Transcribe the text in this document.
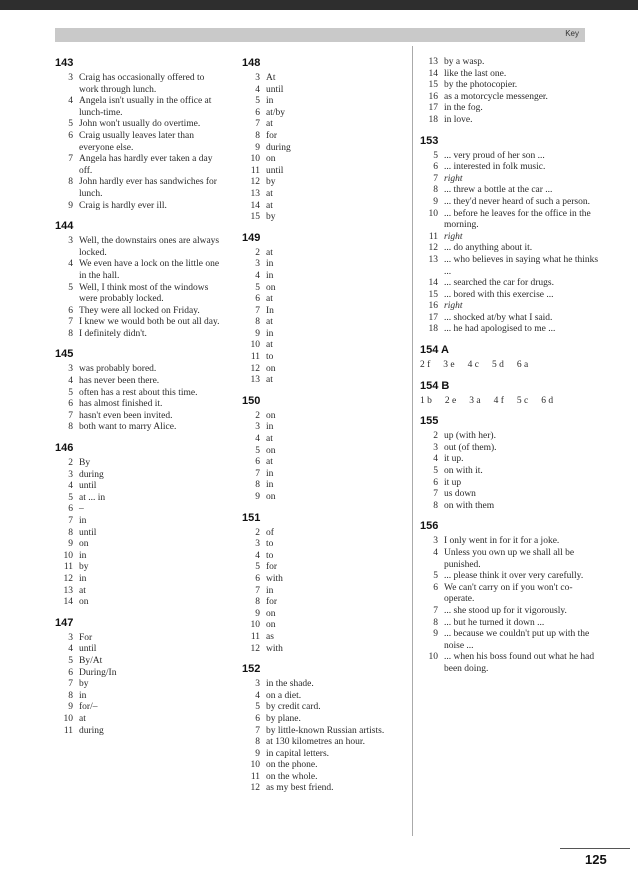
Key
143
3 Craig has occasionally offered to work through lunch.
4 Angela isn't usually in the office at lunch-time.
5 John won't usually do overtime.
6 Craig usually leaves later than everyone else.
7 Angela has hardly ever taken a day off.
8 John hardly ever has sandwiches for lunch.
9 Craig is hardly ever ill.
144
3 Well, the downstairs ones are always locked.
4 We even have a lock on the little one in the hall.
5 Well, I think most of the windows were probably locked.
6 They were all locked on Friday.
7 I knew we would both be out all day.
8 I definitely didn't.
145
3 was probably bored.
4 has never been there.
5 often has a rest about this time.
6 has almost finished it.
7 hasn't even been invited.
8 both want to marry Alice.
146
2 By
3 during
4 until
5 at ... in
6 –
7 in
8 until
9 on
10 in
11 by
12 in
13 at
14 on
147
3 For
4 until
5 By/At
6 During/In
7 by
8 in
9 for/–
10 at
11 during
148
3 At
4 until
5 in
6 at/by
7 at
8 for
9 during
10 on
11 until
12 by
13 at
14 at
15 by
149
2 at
3 in
4 in
5 on
6 at
7 In
8 at
9 in
10 at
11 to
12 on
13 at
150
2 on
3 in
4 at
5 on
6 at
7 in
8 in
9 on
151
2 of
3 to
4 to
5 for
6 with
7 in
8 for
9 on
10 on
11 as
12 with
152
3 in the shade.
4 on a diet.
5 by credit card.
6 by plane.
7 by little-known Russian artists.
8 at 130 kilometres an hour.
9 in capital letters.
10 on the phone.
11 on the whole.
12 as my best friend.
13 by a wasp.
14 like the last one.
15 by the photocopier.
16 as a motorcycle messenger.
17 in the fog.
18 in love.
153
5 ... very proud of her son ...
6 ... interested in folk music.
7 right
8 ... threw a bottle at the car ...
9 ... they'd never heard of such a person.
10 ... before he leaves for the office in the morning.
11 right
12 ... do anything about it.
13 ... who believes in saying what he thinks ...
14 ... searched the car for drugs.
15 ... bored with this exercise ...
16 right
17 ... shocked at/by what I said.
18 ... he had apologised to me ...
154 A
2 f 3 e 4 c 5 d 6 a
154 B
1 b 2 e 3 a 4 f 5 c 6 d
155
2 up (with her).
3 out (of them).
4 it up.
5 on with it.
6 it up
7 us down
8 on with them
156
3 I only went in for it for a joke.
4 Unless you own up we shall all be punished.
5 ... please think it over very carefully.
6 We can't carry on if you won't co-operate.
7 ... she stood up for it vigorously.
8 ... but he turned it down ...
9 ... because we couldn't put up with the noise ...
10 ... when his boss found out what he had been doing.
125
